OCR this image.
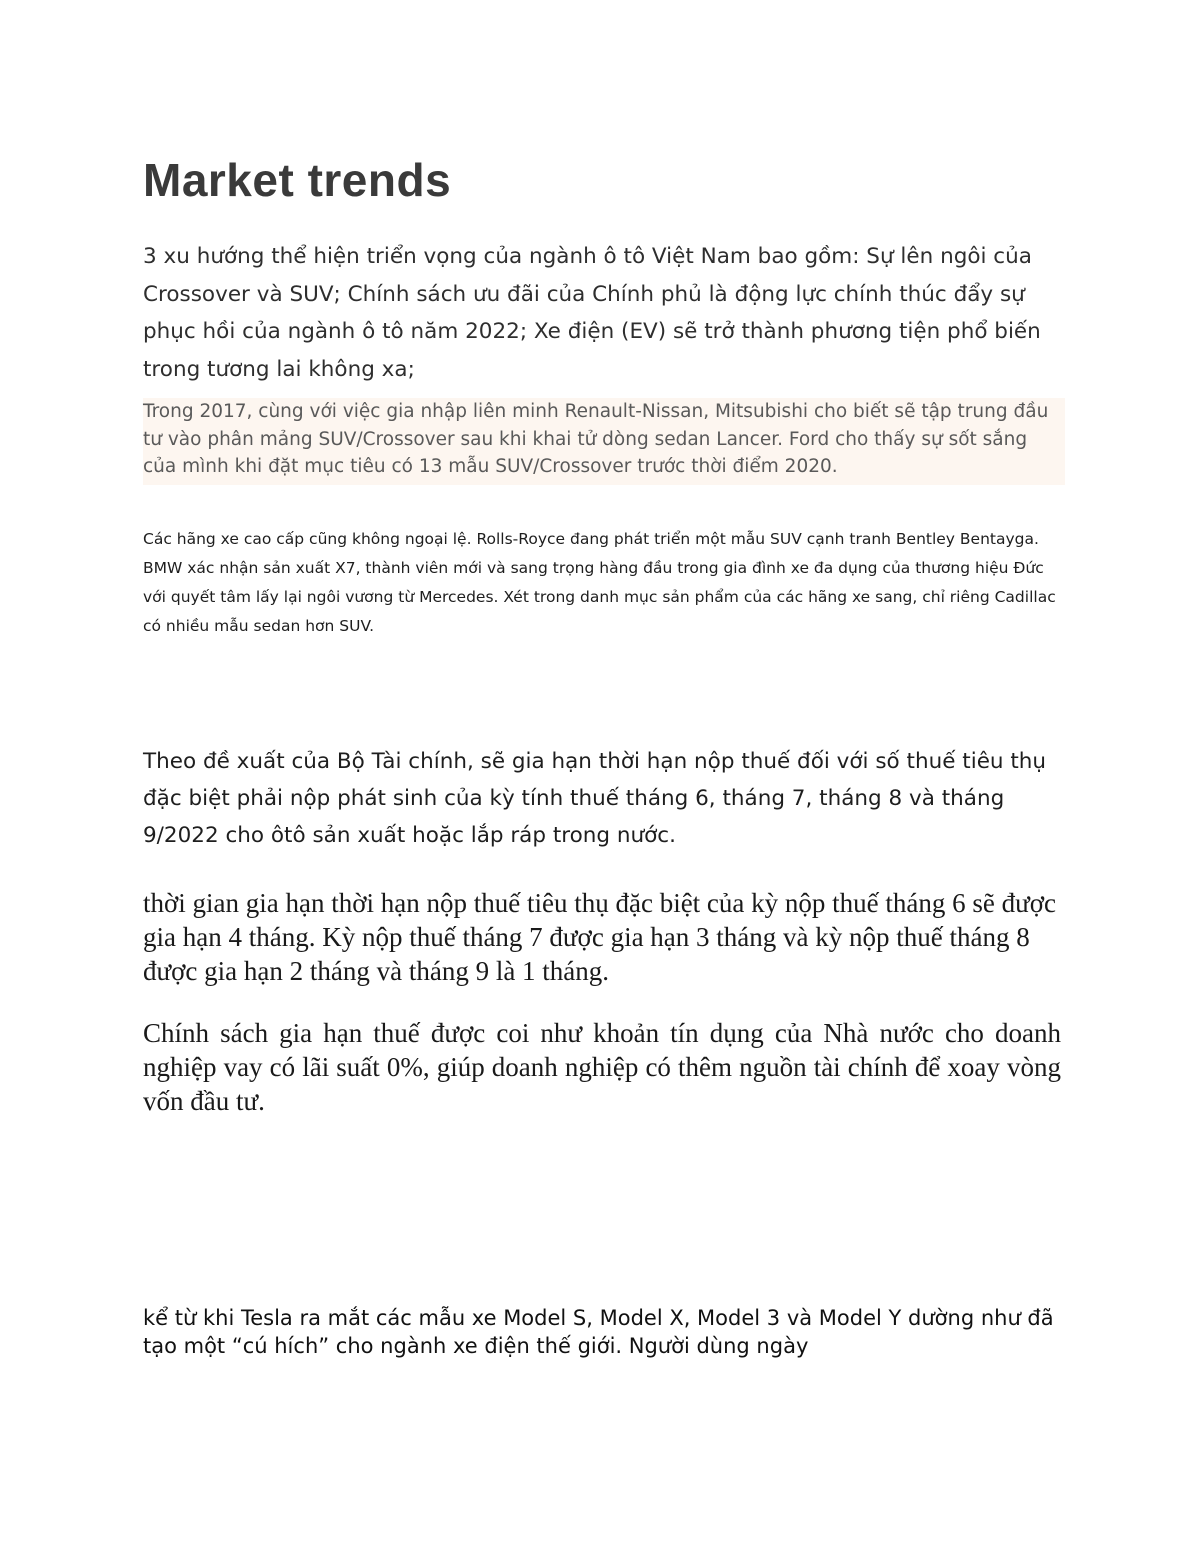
Market trends

3 xu hướng thể hiện triển vọng của ngành ô tô Việt Nam bao gồm: Sự lên ngôi của Crossover và SUV; Chính sách ưu đãi của Chính phủ là động lực chính thúc đẩy sự phục hồi của ngành ô tô năm 2022; Xe điện (EV) sẽ trở thành phương tiện phổ biến trong tương lai không xa;

Trong 2017, cùng với việc gia nhập liên minh Renault-Nissan, Mitsubishi cho biết sẽ tập trung đầu tư vào phân mảng SUV/Crossover sau khi khai tử dòng sedan Lancer. Ford cho thấy sự sốt sắng của mình khi đặt mục tiêu có 13 mẫu SUV/Crossover trước thời điểm 2020.

Các hãng xe cao cấp cũng không ngoại lệ. Rolls-Royce đang phát triển một mẫu SUV cạnh tranh Bentley Bentayga. BMW xác nhận sản xuất X7, thành viên mới và sang trọng hàng đầu trong gia đình xe đa dụng của thương hiệu Đức với quyết tâm lấy lại ngôi vương từ Mercedes. Xét trong danh mục sản phẩm của các hãng xe sang, chỉ riêng Cadillac có nhiều mẫu sedan hơn SUV.

Theo đề xuất của Bộ Tài chính, sẽ gia hạn thời hạn nộp thuế đối với số thuế tiêu thụ đặc biệt phải nộp phát sinh của kỳ tính thuế tháng 6, tháng 7, tháng 8 và tháng 9/2022 cho ôtô sản xuất hoặc lắp ráp trong nước.

thời gian gia hạn thời hạn nộp thuế tiêu thụ đặc biệt của kỳ nộp thuế tháng 6 sẽ được gia hạn 4 tháng. Kỳ nộp thuế tháng 7 được gia hạn 3 tháng và kỳ nộp thuế tháng 8 được gia hạn 2 tháng và tháng 9 là 1 tháng.

Chính sách gia hạn thuế được coi như khoản tín dụng của Nhà nước cho doanh nghiệp vay có lãi suất 0%, giúp doanh nghiệp có thêm nguồn tài chính để xoay vòng vốn đầu tư.

kể từ khi Tesla ra mắt các mẫu xe Model S, Model X, Model 3 và Model Y dường như đã tạo một “cú hích” cho ngành xe điện thế giới. Người dùng ngày
